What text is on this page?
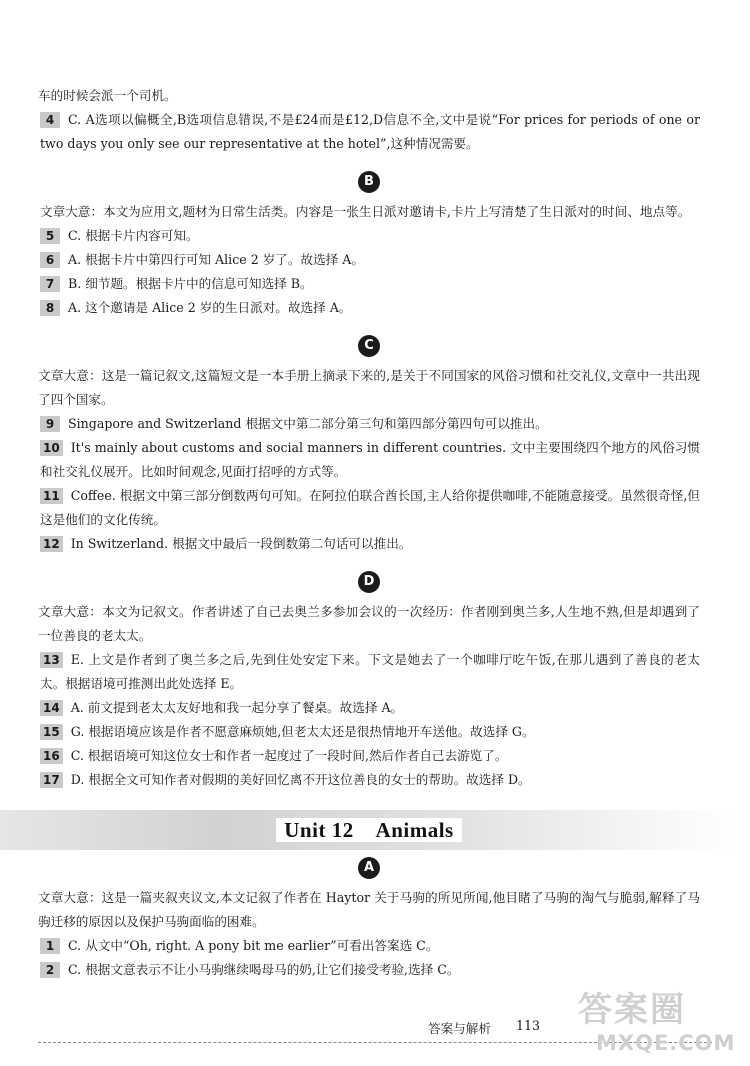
车的时候会派一个司机。

4 C. A选项以偏概全,B选项信息错误,不是£24而是£12,D信息不全,文中是说“For prices for periods of one or two days you only see our representative at the hotel”,这种情况需要。

B

文章大意：本文为应用文,题材为日常生活类。内容是一张生日派对邀请卡,卡片上写清楚了生日派对的时间、地点等。

5 C. 根据卡片内容可知。

6 A. 根据卡片中第四行可知 Alice 2 岁了。故选择 A。

7 B. 细节题。根据卡片中的信息可知选择 B。

8 A. 这个邀请是 Alice 2 岁的生日派对。故选择 A。

C

文章大意：这是一篇记叙文,这篇短文是一本手册上摘录下来的,是关于不同国家的风俗习惯和社交礼仪,文章中一共出现了四个国家。

9 Singapore and Switzerland 根据文中第二部分第三句和第四部分第四句可以推出。

10 It's mainly about customs and social manners in different countries. 文中主要围绕四个地方的风俗习惯和社交礼仪展开。比如时间观念,见面打招呼的方式等。

11 Coffee. 根据文中第三部分倒数两句可知。在阿拉伯联合酋长国,主人给你提供咖啡,不能随意接受。虽然很奇怪,但这是他们的文化传统。

12 In Switzerland. 根据文中最后一段倒数第二句话可以推出。

D

文章大意：本文为记叙文。作者讲述了自己去奥兰多参加会议的一次经历：作者刚到奥兰多,人生地不熟,但是却遇到了一位善良的老太太。

13 E. 上文是作者到了奥兰多之后,先到住处安定下来。下文是她去了一个咖啡厅吃午饭,在那儿遇到了善良的老太太。根据语境可推测出此处选择 E。

14 A. 前文提到老太太友好地和我一起分享了餐桌。故选择 A。

15 G. 根据语境应该是作者不愿意麻烦她,但老太太还是很热情地开车送他。故选择 G。

16 C. 根据语境可知这位女士和作者一起度过了一段时间,然后作者自己去游览了。

17 D. 根据全文可知作者对假期的美好回忆离不开这位善良的女士的帮助。故选择 D。

Unit 12    Animals
A

文章大意：这是一篇夹叙夹议文,本文记叙了作者在 Haytor 关于马驹的所见所闻,他目睹了马驹的淘气与脆弱,解释了马驹迁移的原因以及保护马驹面临的困难。

1 C. 从文中“Oh, right. A pony bit me earlier”可看出答案选 C。

2 C. 根据文意表示不让小马驹继续喝母马的奶,让它们接受考验,选择 C。

答案与解析 113 答案圈
MXQE.COM
